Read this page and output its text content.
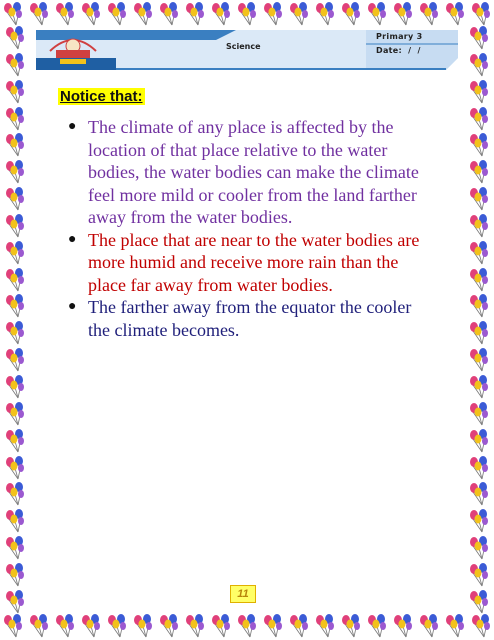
Science
Primary 3
Date:  /  /
Notice that:
● The climate of any place is affected by the location of that place relative to the water bodies, the water bodies can make the climate feel more mild or cooler from the land farther away from the water bodies.
● The place that are near to the water bodies are more humid and receive more rain than the place far away from water bodies.
● The farther away from the equator the cooler the climate becomes.
11
